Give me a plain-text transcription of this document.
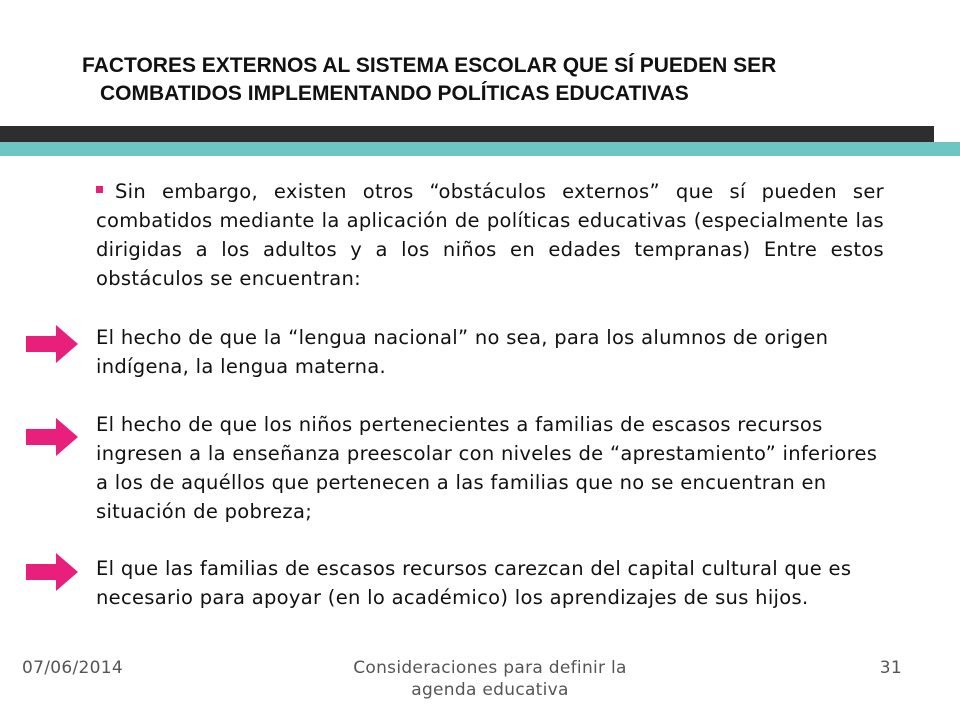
FACTORES EXTERNOS AL SISTEMA ESCOLAR QUE SÍ PUEDEN SER
COMBATIDOS IMPLEMENTANDO POLÍTICAS EDUCATIVAS
Sin embargo, existen otros “obstáculos externos” que sí pueden ser combatidos mediante la aplicación de políticas educativas (especialmente las dirigidas a los adultos y a los niños en edades tempranas) Entre estos obstáculos se encuentran:
El hecho de que la “lengua nacional” no sea, para los alumnos de origen indígena, la lengua materna.
El hecho de que los niños pertenecientes a familias de escasos recursos ingresen a la enseñanza preescolar con niveles de “aprestamiento” inferiores a los de aquéllos que pertenecen a las familias que no se encuentran en situación de pobreza;
El que las familias de escasos recursos carezcan del capital cultural que es necesario para apoyar (en lo académico) los aprendizajes de sus hijos.
07/06/2014	Consideraciones para definir la agenda educativa
31
